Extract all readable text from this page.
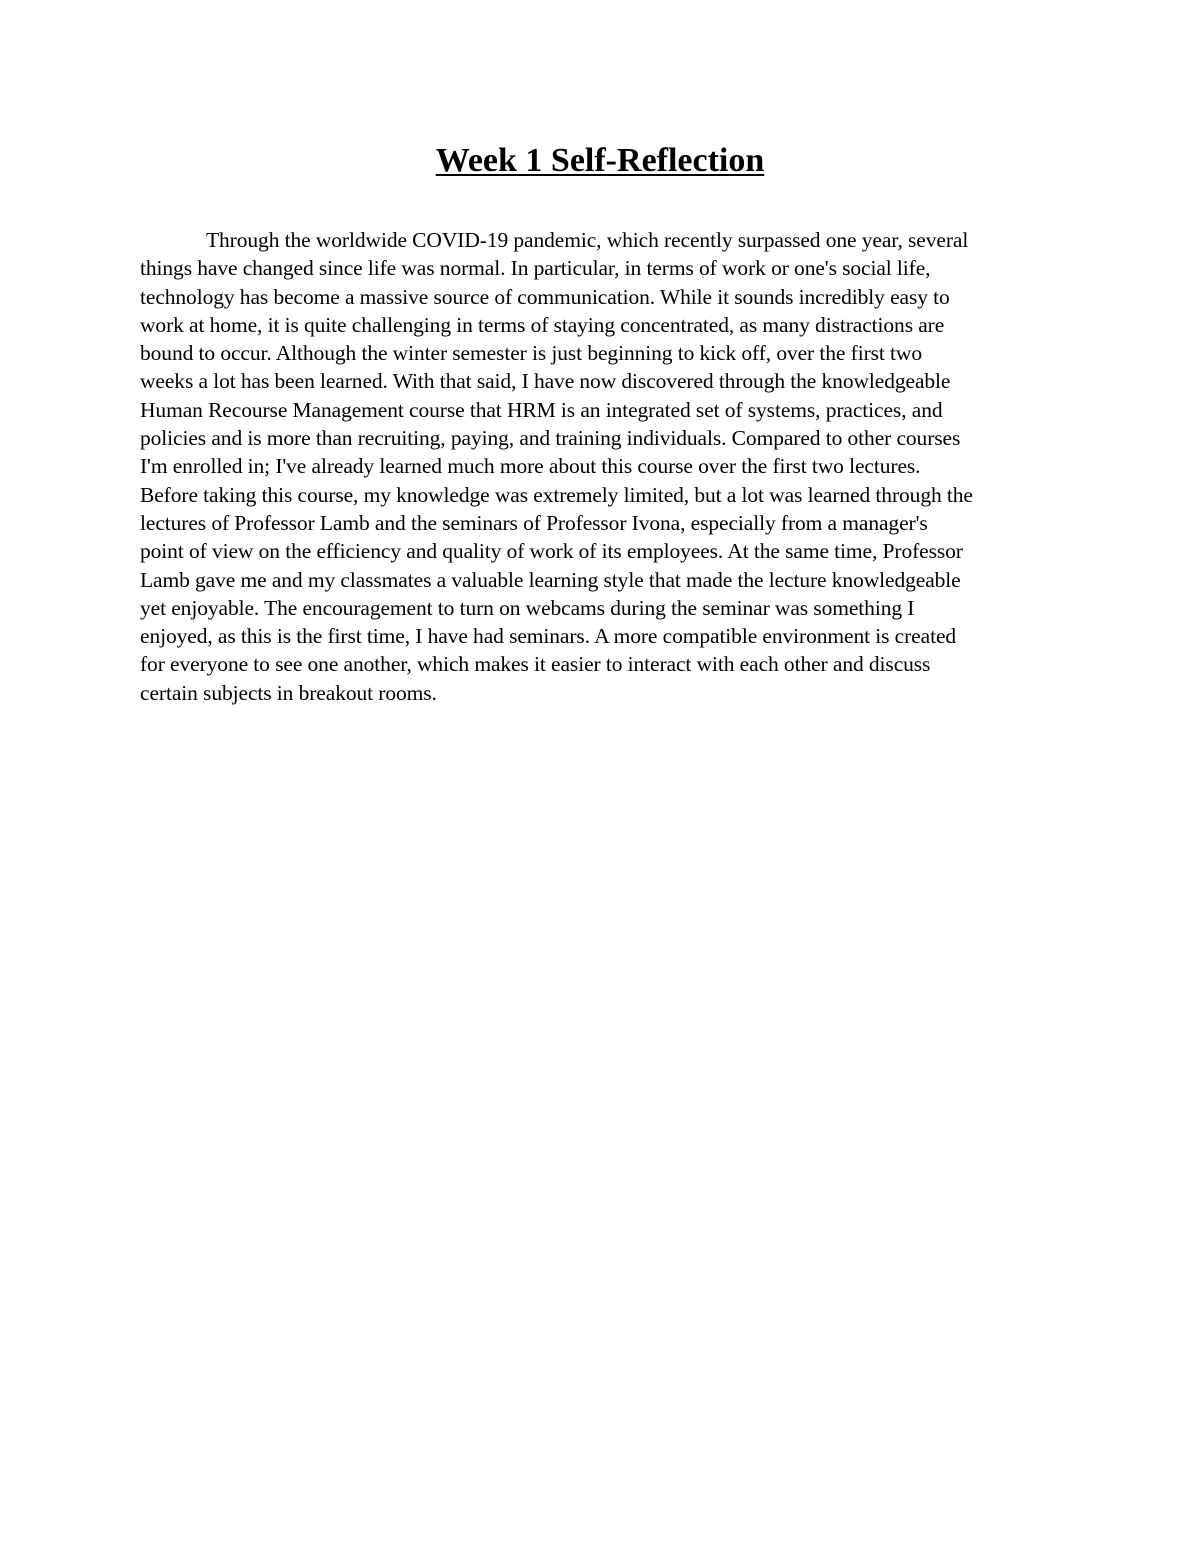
Week 1 Self-Reflection
Through the worldwide COVID-19 pandemic, which recently surpassed one year, several
things have changed since life was normal. In particular, in terms of work or one's social life,
technology has become a massive source of communication. While it sounds incredibly easy to
work at home, it is quite challenging in terms of staying concentrated, as many distractions are
bound to occur. Although the winter semester is just beginning to kick off, over the first two
weeks a lot has been learned. With that said, I have now discovered through the knowledgeable
Human Recourse Management course that HRM is an integrated set of systems, practices, and
policies and is more than recruiting, paying, and training individuals. Compared to other courses
I'm enrolled in; I've already learned much more about this course over the first two lectures.
Before taking this course, my knowledge was extremely limited, but a lot was learned through the
lectures of Professor Lamb and the seminars of Professor Ivona, especially from a manager's
point of view on the efficiency and quality of work of its employees. At the same time, Professor
Lamb gave me and my classmates a valuable learning style that made the lecture knowledgeable
yet enjoyable. The encouragement to turn on webcams during the seminar was something I
enjoyed, as this is the first time, I have had seminars. A more compatible environment is created
for everyone to see one another, which makes it easier to interact with each other and discuss
certain subjects in breakout rooms.
